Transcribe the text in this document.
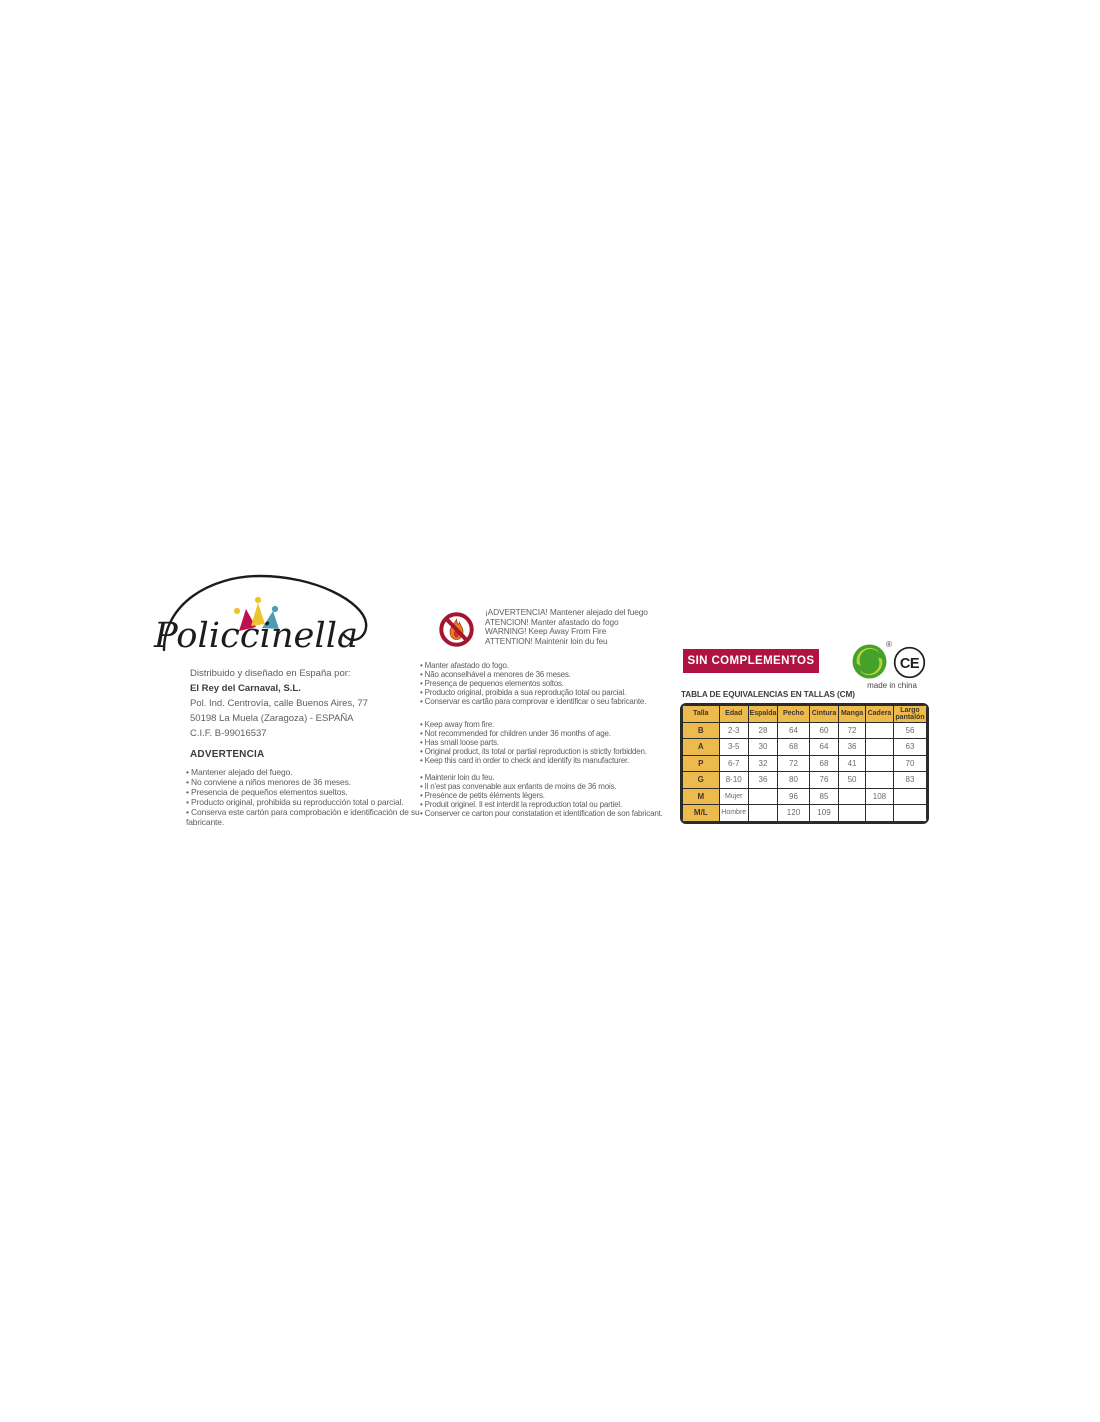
Policcinella
Distribuido y diseñado en España por:
El Rey del Carnaval, S.L.
Pol. Ind. Centrovía, calle Buenos Aires, 77
50198 La Muela (Zaragoza) - ESPAÑA
C.I.F. B-99016537
ADVERTENCIA
• Mantener alejado del fuego.
• No conviene a niños menores de 36 meses.
• Presencia de pequeños elementos sueltos.
• Producto original, prohibida su reproducción total o parcial.
• Conserva este cartón para comprobación e identificación de su fabricante.
¡ADVERTENCIA! Mantener alejado del fuego
ATENCION! Manter afastado do fogo
WARNING! Keep Away From Fire
ATTENTION! Maintenir loin du feu
• Manter afastado do fogo.
• Não aconselhável a menores de 36 meses.
• Presença de pequenos elementos soltos.
• Producto original, proibida a sua reprodução total ou parcial.
• Conservar es cartão para comprovar e identificar o seu fabricante.
• Keep away from fire.
• Not recommended for children under 36 months of age.
• Has small loose parts.
• Original product, its total or partial reproduction is strictly forbidden.
• Keep this card in order to check and identify its manufacturer.
• Maintenir loin du feu.
• Il n'est pas convenable aux enfants de moins de 36 mois.
• Presénce de petits éléments légers.
• Produit originel. Il est interdit la reproduction total ou partiel.
• Conserver ce carton pour constatation et identification de son fabricant.
SIN COMPLEMENTOS
®
CE
made in china
TABLA DE EQUIVALENCIAS EN TALLAS (CM)
Talla	Edad	Espalda	Pecho	Cintura	Manga	Cadera	Largo pantalón
B	2-3	28	64	60	72		56
A	3-5	30	68	64	36		63
P	6-7	32	72	68	41		70
G	8-10	36	80	76	50		83
M	Mujer		96	85		108	
M/L	Hombre		120	109			
